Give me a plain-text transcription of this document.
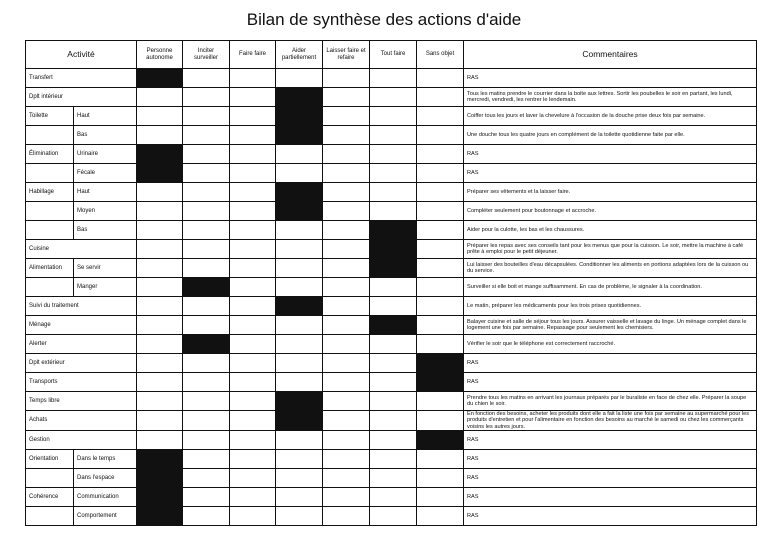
Bilan de synthèse des actions d'aide
Activité		Personne autonome	Inciter surveiller	Faire faire	Aider partiellement	Laisser faire et refaire	Tout faire	Sans objet	Commentaires
Transfert									RAS
Dplt intérieur									Tous les matins prendre le courrier dans la boite aux lettres. Sortir les poubelles le soir en partant, les lundi, mercredi, vendredi, les rentrer le lendemain.
Toilette	Haut								Coiffer tous les jours et laver la chevelure à l'occasion de la douche prise deux fois par semaine.
	Bas								Une douche tous les quatre jours en complément de la toilette quotidienne faite par elle.
Élimination	Urinaire								RAS
	Fécale								RAS
Habillage	Haut								Préparer ses vêtements et la laisser faire.
	Moyen								Compléter seulement pour boutonnage et accroche.
	Bas								Aider pour la culotte, les bas et les chaussures.
Cuisine									Préparer les repas avec ses conseils tant pour les menus que pour la cuisson. Le soir, mettre la machine à café prête à emploi pour le petit déjeuner.
Alimentation	Se servir								Lui laisser des bouteilles d'eau décapsulées. Conditionner les aliments en portions adaptées lors de la cuisson ou du service.
	Manger								Surveiller si elle boit et mange suffisamment. En cas de problème, le signaler à la coordination.
Suivi du traitement									Le matin, préparer les médicaments pour les trois prises quotidiennes.
Ménage									Balayer cuisine et salle de séjour tous les jours. Assurer vaisselle et lavage du linge. Un ménage complet dans le logement une fois par semaine. Repassage pour seulement les chemisiers.
Alerter									Vérifier le soir que le téléphone est correctement raccroché.
Dplt extérieur									RAS
Transports									RAS
Temps libre									Prendre tous les matins en arrivant les journaux préparés par le buraliste en face de chez elle. Préparer la soupe du chien le soir.
Achats									En fonction des besoins, acheter les produits dont elle a fait la liste une fois par semaine au supermarché pour les produits d'entretien et pour l'alimentaire en fonction des besoins au marché le samedi ou chez les commerçants voisins les autres jours.
Gestion									RAS
Orientation	Dans le temps								RAS
	Dans l'espace								RAS
Cohérence	Communication								RAS
	Comportement								RAS
